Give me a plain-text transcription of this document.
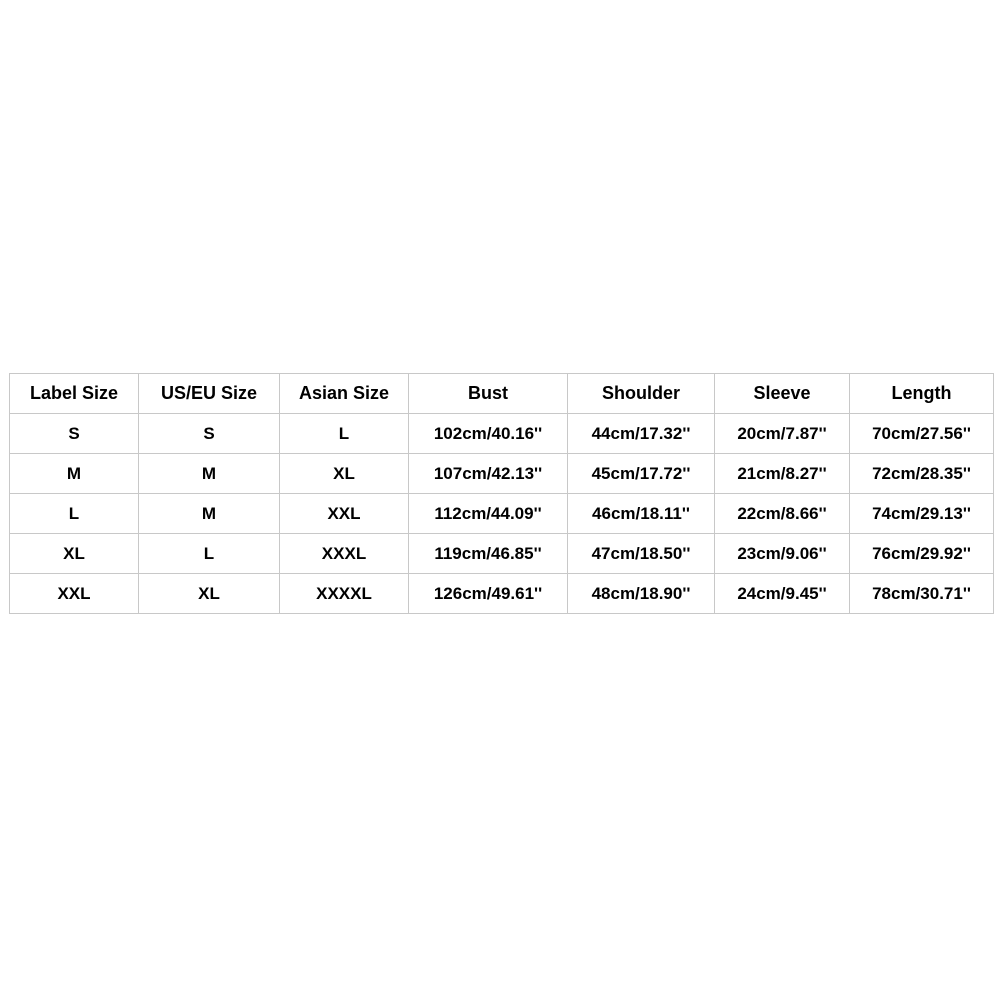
Label Size	US/EU Size	Asian Size	Bust	Shoulder	Sleeve	Length
S	S	L	102cm/40.16''	44cm/17.32''	20cm/7.87''	70cm/27.56''
M	M	XL	107cm/42.13''	45cm/17.72''	21cm/8.27''	72cm/28.35''
L	M	XXL	112cm/44.09''	46cm/18.11''	22cm/8.66''	74cm/29.13''
XL	L	XXXL	119cm/46.85''	47cm/18.50''	23cm/9.06''	76cm/29.92''
XXL	XL	XXXXL	126cm/49.61''	48cm/18.90''	24cm/9.45''	78cm/30.71''
